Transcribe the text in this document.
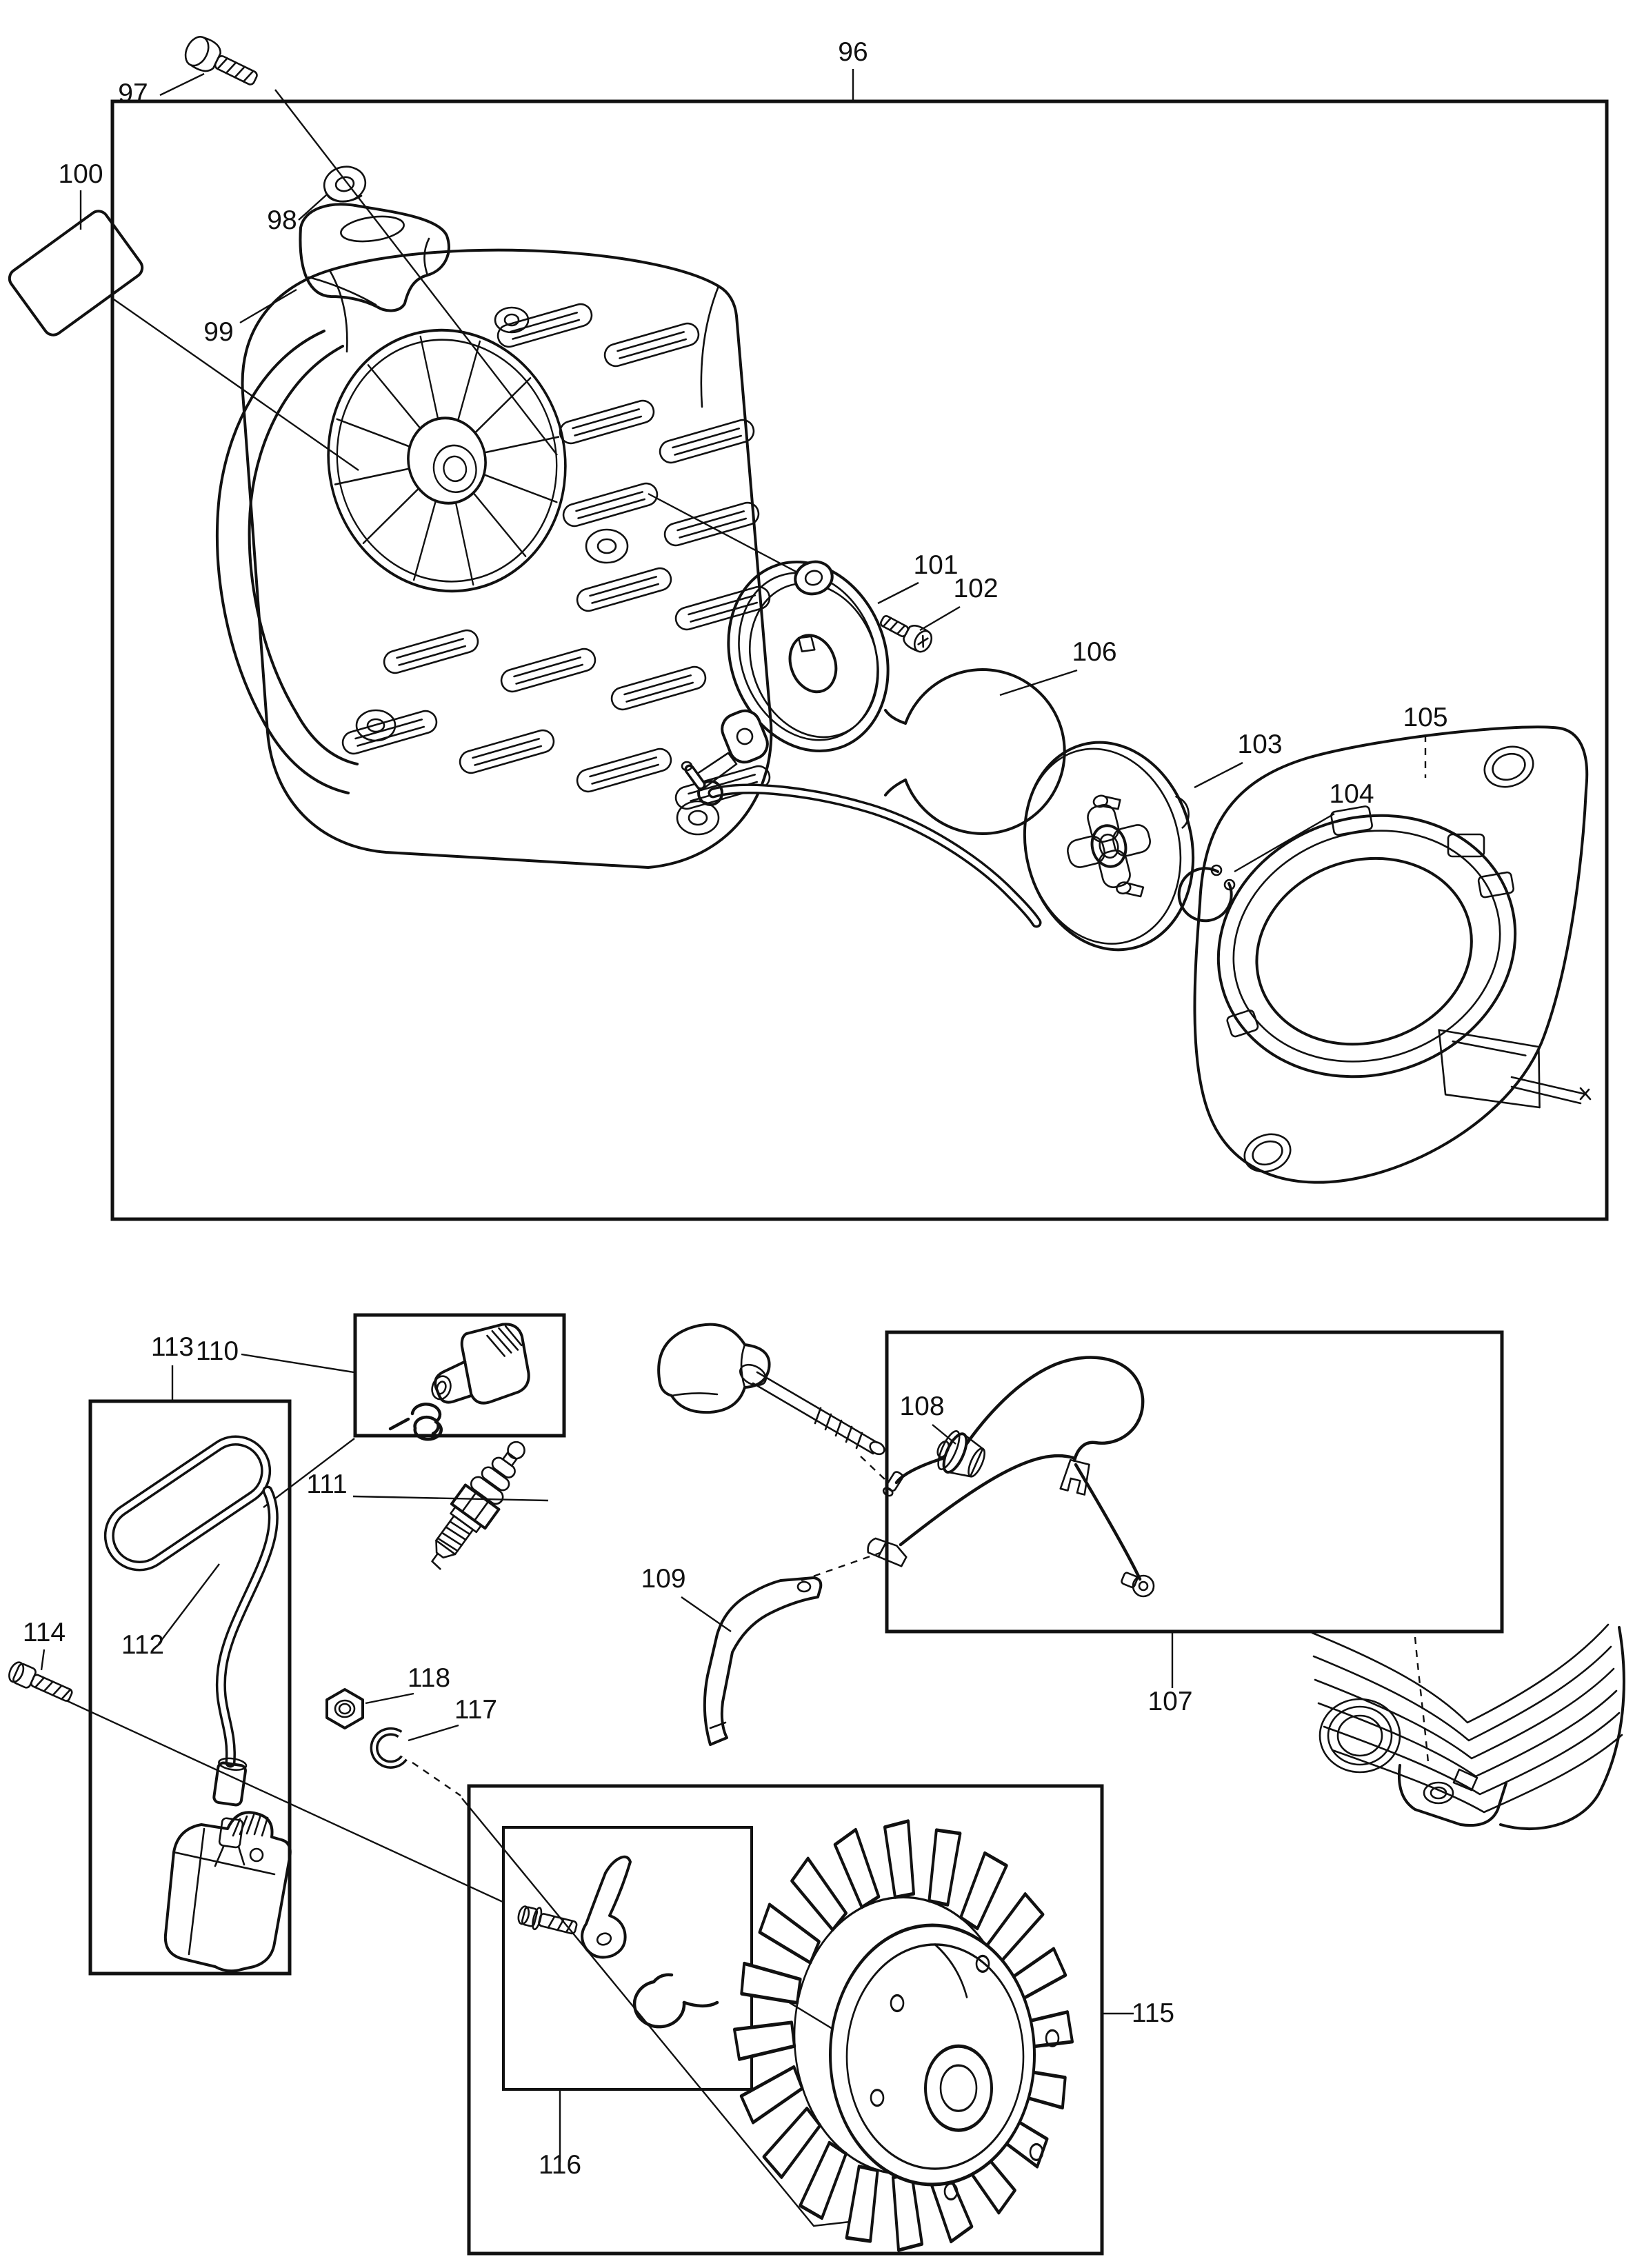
96
97
98
99
100
101
102
103
104
105
106
110
111
113
112
114
118
117
109
108
107
116
115
